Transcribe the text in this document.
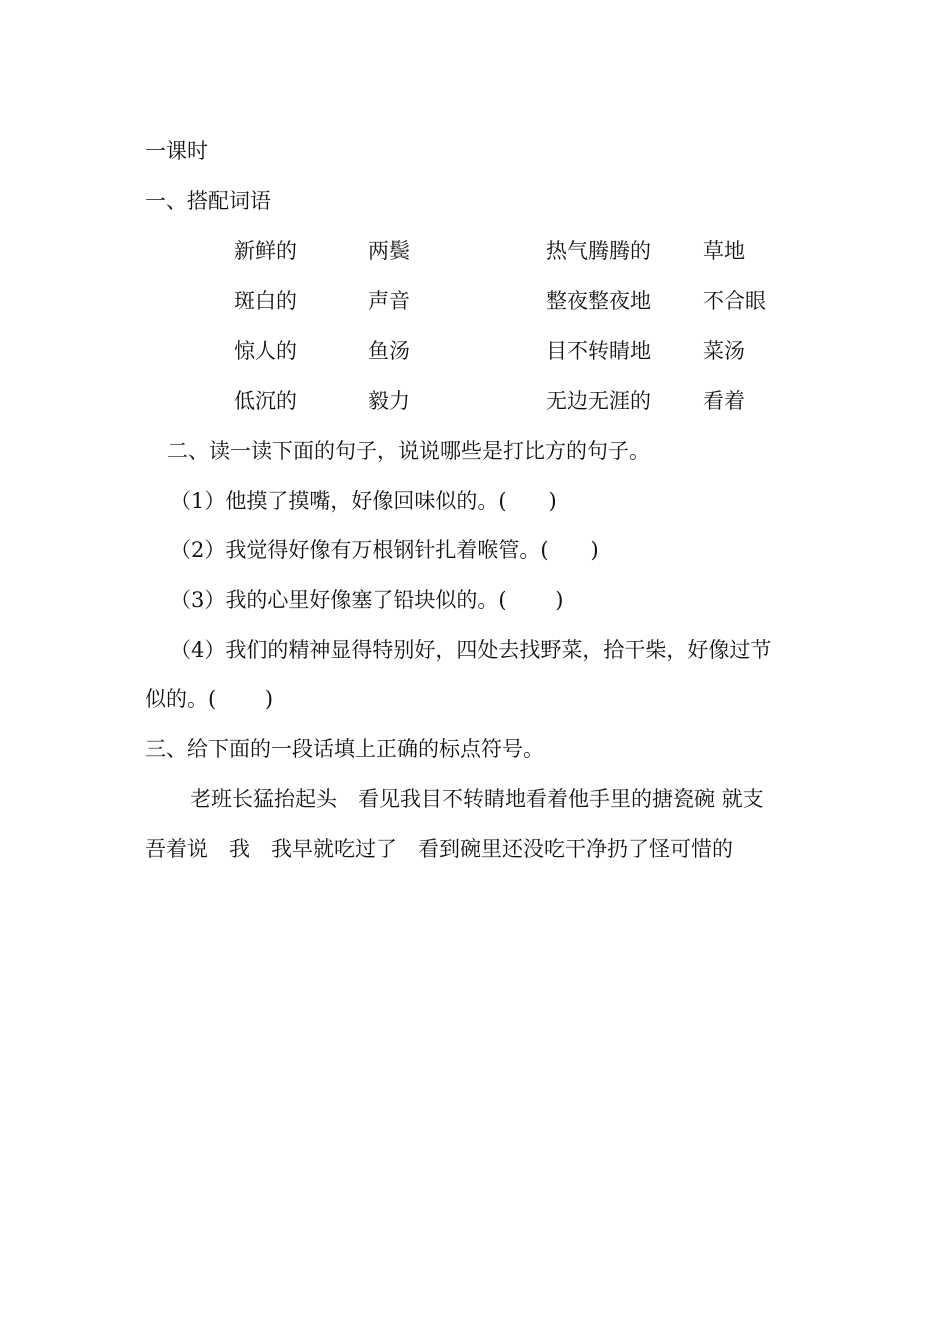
一课时
一、搭配词语
新鲜的	两鬓	热气腾腾的 草地
斑白的	声音	整夜整夜地 不合眼
惊人的	鱼汤	目不转睛地 菜汤
低沉的	毅力	无边无涯的 看着
二、读一读下面的句子，说说哪些是打比方的句子。
（1）他摸了摸嘴，好像回味似的。(　　)
（2）我觉得好像有万根钢针扎着喉管。(　　)
（3）我的心里好像塞了铅块似的。(　　 )
（4）我们的精神显得特别好，四处去找野菜，拾干柴，好像过节
似的。(　　 )
三、给下面的一段话填上正确的标点符号。
老班长猛抬起头　看见我目不转睛地看着他手里的搪瓷碗 就支
吾着说　我　我早就吃过了　看到碗里还没吃干净扔了怪可惜的
